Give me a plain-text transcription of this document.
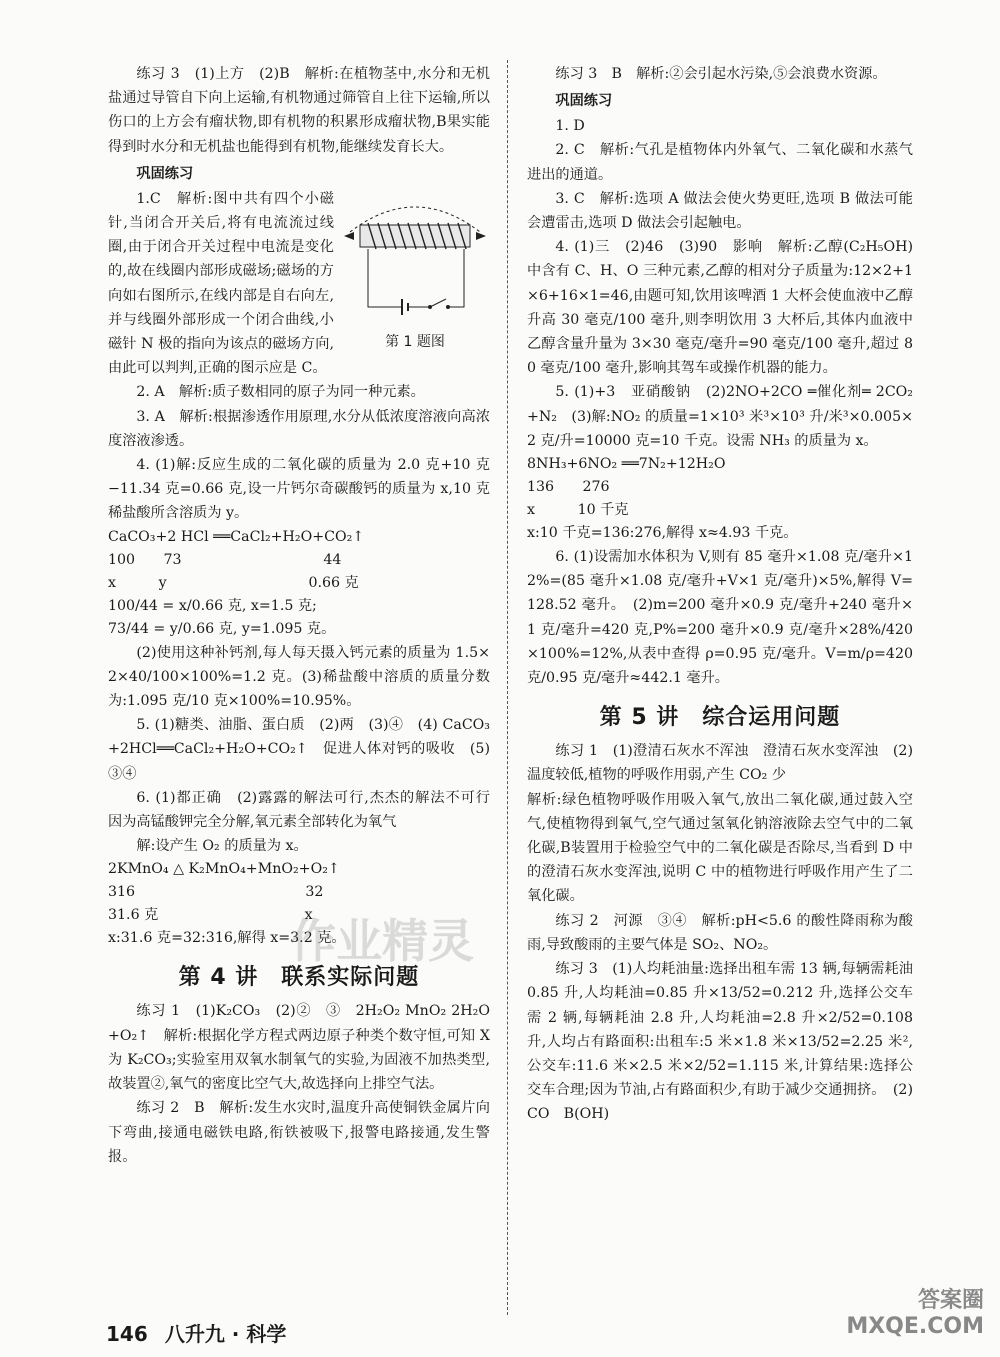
练习 3　(1)上方　(2)B　解析:在植物茎中,水分和无机盐通过导管自下向上运输,有机物通过筛管自上往下运输,所以伤口的上方会有瘤状物,即有机物的积累形成瘤状物,B果实能得到时水分和无机盐也能得到有机物,能继续发育长大。

巩固练习

第 1 题图

1.C　解析:图中共有四个小磁针,当闭合开关后,将有电流流过线圈,由于闭合开关过程中电流是变化的,故在线圈内部形成磁场;磁场的方向如右图所示,在线内部是自右向左,并与线圈外部形成一个闭合曲线,小磁针 N 极的指向为该点的磁场方向,由此可以判判,正确的图示应是 C。

2. A　解析:质子数相同的原子为同一种元素。

3. A　解析:根据渗透作用原理,水分从低浓度溶液向高浓度溶液渗透。

4. (1)解:反应生成的二氧化碳的质量为 2.0 克+10 克−11.34 克=0.66 克,设一片钙尔奇碳酸钙的质量为 x,10 克稀盐酸所含溶质为 y。

CaCO₃+2 HCl ══CaCl₂+H₂O+CO₂↑

100　　73　　　　　　　　　　44

x　　　y　　　　　　　　　　0.66 克

100/44 = x/0.66 克, x=1.5 克;

73/44 = y/0.66 克, y=1.095 克。

(2)使用这种补钙剂,每人每天摄入钙元素的质量为 1.5×2×40/100×100%=1.2 克。(3)稀盐酸中溶质的质量分数为:1.095 克/10 克×100%=10.95%。

5. (1)糖类、油脂、蛋白质　(2)两　(3)④　(4) CaCO₃+2HCl══CaCl₂+H₂O+CO₂↑　促进人体对钙的吸收　(5)③④

6. (1)都正确　(2)露露的解法可行,杰杰的解法不可行　因为高锰酸钾完全分解,氧元素全部转化为氧气

解:设产生 O₂ 的质量为 x。

2KMnO₄ △ K₂MnO₄+MnO₂+O₂↑

316　　　　　　　　　　　　32

31.6 克　　　　　　　　　　 x

x:31.6 克=32:316,解得 x=3.2 克。

第 4 讲　联系实际问题

练习 1　(1)K₂CO₃　(2)②　③　2H₂O₂ MnO₂ 2H₂O+O₂↑　解析:根据化学方程式两边原子种类个数守恒,可知 X 为 K₂CO₃;实验室用双氧水制氧气的实验,为固液不加热类型,故装置②,氧气的密度比空气大,故选择向上排空气法。

练习 2　B　解析:发生水灾时,温度升高使铜铁金属片向下弯曲,接通电磁铁电路,衔铁被吸下,报警电路接通,发生警报。

练习 3　B　解析:②会引起水污染,⑤会浪费水资源。

巩固练习

1. D

2. C　解析:气孔是植物体内外氧气、二氧化碳和水蒸气进出的通道。

3. C　解析:选项 A 做法会使火势更旺,选项 B 做法可能会遭雷击,选项 D 做法会引起触电。

4. (1)三　(2)46　(3)90　影响　解析:乙醇(C₂H₅OH)中含有 C、H、O 三种元素,乙醇的相对分子质量为:12×2+1×6+16×1=46,由题可知,饮用该啤酒 1 大杯会使血液中乙醇升高 30 毫克/100 毫升,则李明饮用 3 大杯后,其体内血液中乙醇含量升量为 3×30 毫克/毫升=90 毫克/100 毫升,超过 80 毫克/100 毫升,影响其驾车或操作机器的能力。

5. (1)+3　亚硝酸钠　(2)2NO+2CO ═催化剂═ 2CO₂+N₂　(3)解:NO₂ 的质量=1×10³ 米³×10³ 升/米³×0.005×2 克/升=10000 克=10 千克。设需 NH₃ 的质量为 x。

8NH₃+6NO₂ ══7N₂+12H₂O

136　　276

x　　　10 千克

x:10 千克=136:276,解得 x≈4.93 千克。

6. (1)设需加水体积为 V,则有 85 毫升×1.08 克/毫升×12%=(85 毫升×1.08 克/毫升+V×1 克/毫升)×5%,解得 V=128.52 毫升。　(2)m=200 毫升×0.9 克/毫升+240 毫升×1 克/毫升=420 克,P%=200 毫升×0.9 克/毫升×28%/420×100%=12%,从表中查得 ρ=0.95 克/毫升。V=m/ρ=420 克/0.95 克/毫升≈442.1 毫升。

第 5 讲　综合运用问题

练习 1　(1)澄清石灰水不浑浊　澄清石灰水变浑浊　(2)温度较低,植物的呼吸作用弱,产生 CO₂ 少

解析:绿色植物呼吸作用吸入氧气,放出二氧化碳,通过鼓入空气,使植物得到氧气,空气通过氢氧化钠溶液除去空气中的二氧化碳,B装置用于检验空气中的二氧化碳是否除尽,当看到 D 中的澄清石灰水变浑浊,说明 C 中的植物进行呼吸作用产生了二氧化碳。

练习 2　河源　③④　解析:pH<5.6 的酸性降雨称为酸雨,导致酸雨的主要气体是 SO₂、NO₂。

练习 3　(1)人均耗油量:选择出租车需 13 辆,每辆需耗油 0.85 升,人均耗油=0.85 升×13/52=0.212 升,选择公交车需 2 辆,每辆耗油 2.8 升,人均耗油=2.8 升×2/52=0.108 升,人均占有路面积:出租车:5 米×1.8 米×13/52=2.25 米²,公交车:11.6 米×2.5 米×2/52=1.115 米,计算结果:选择公交车合理;因为节油,占有路面积少,有助于减少交通拥挤。　(2)CO　B(OH)

146 八升九 · 科学
作业精灵
答案圈
MXQE.COM
